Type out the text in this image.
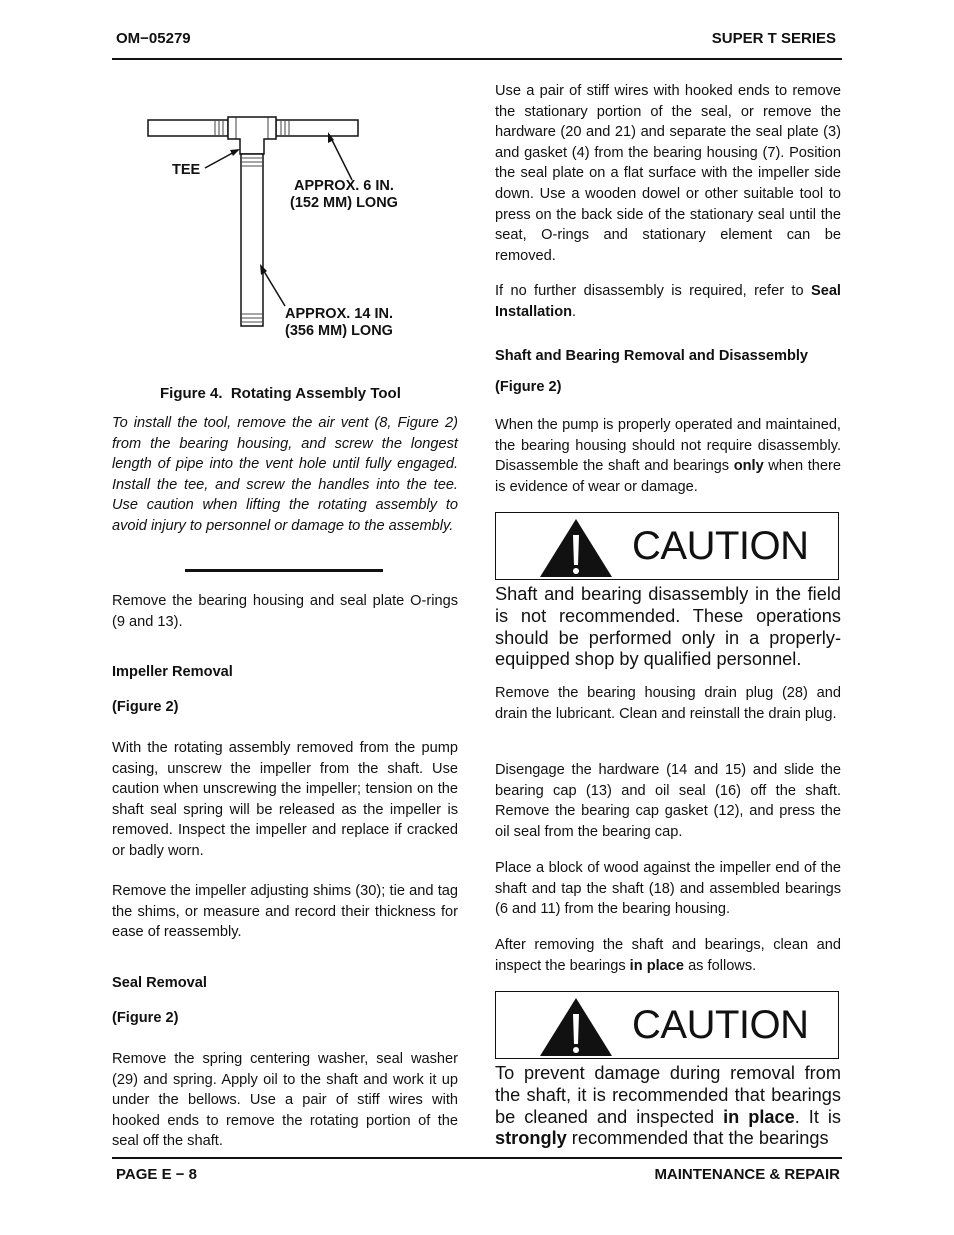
OM−05279	SUPER T SERIES
TEE
APPROX. 6 IN.
(152 MM) LONG
APPROX. 14 IN.
(356 MM) LONG
Figure 4.  Rotating Assembly Tool

To install the tool, remove the air vent (8, Figure 2) from the bearing housing, and screw the longest length of pipe into the vent hole until fully engaged. Install the tee, and screw the handles into the tee. Use caution when lifting the rotating assembly to avoid injury to personnel or damage to the assembly.

Remove the bearing housing and seal plate O-rings (9 and 13).

Impeller Removal
(Figure 2)

With the rotating assembly removed from the pump casing, unscrew the impeller from the shaft. Use caution when unscrewing the impeller; tension on the shaft seal spring will be released as the impeller is removed. Inspect the impeller and replace if cracked or badly worn.

Remove the impeller adjusting shims (30); tie and tag the shims, or measure and record their thickness for ease of reassembly.

Seal Removal
(Figure 2)

Remove the spring centering washer, seal washer (29) and spring. Apply oil to the shaft and work it up under the bellows. Use a pair of stiff wires with hooked ends to remove the rotating portion of the seal off the shaft.

Use a pair of stiff wires with hooked ends to remove the stationary portion of the seal, or remove the hardware (20 and 21) and separate the seal plate (3) and gasket (4) from the bearing housing (7). Position the seal plate on a flat surface with the impeller side down. Use a wooden dowel or other suitable tool to press on the back side of the stationary seal until the seat, O-rings and stationary element can be removed.

If no further disassembly is required, refer to Seal Installation.

Shaft and Bearing Removal and Disassembly
(Figure 2)

When the pump is properly operated and maintained, the bearing housing should not require disassembly. Disassemble the shaft and bearings only when there is evidence of wear or damage.

CAUTION
Shaft and bearing disassembly in the field is not recommended. These operations should be performed only in a properly-equipped shop by qualified personnel.

Remove the bearing housing drain plug (28) and drain the lubricant. Clean and reinstall the drain plug.

Disengage the hardware (14 and 15) and slide the bearing cap (13) and oil seal (16) off the shaft. Remove the bearing cap gasket (12), and press the oil seal from the bearing cap.

Place a block of wood against the impeller end of the shaft and tap the shaft (18) and assembled bearings (6 and 11) from the bearing housing.

After removing the shaft and bearings, clean and inspect the bearings in place as follows.

CAUTION
To prevent damage during removal from the shaft, it is recommended that bearings be cleaned and inspected in place. It is strongly recommended that the bearings
PAGE E − 8	MAINTENANCE & REPAIR
